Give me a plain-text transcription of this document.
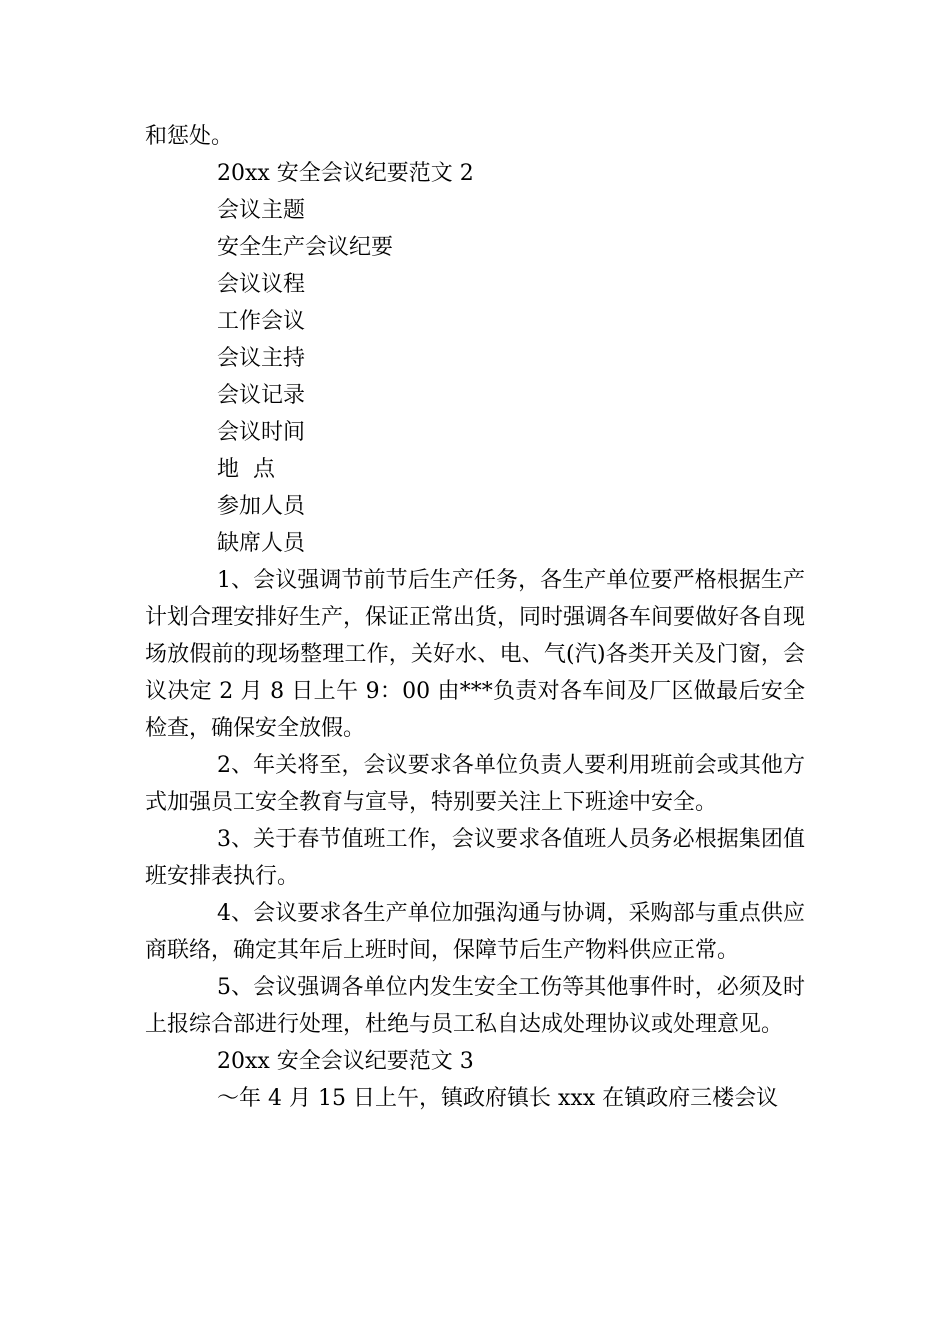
和惩处。

20xx 安全会议纪要范文 2

会议主题

安全生产会议纪要

会议议程

工作会议

会议主持

会议记录

会议时间

地  点

参加人员

缺席人员

1、会议强调节前节后生产任务，各生产单位要严格根据生产计划合理安排好生产，保证正常出货，同时强调各车间要做好各自现场放假前的现场整理工作，关好水、电、气(汽)各类开关及门窗，会议决定 2 月 8 日上午 9：00 由***负责对各车间及厂区做最后安全检查，确保安全放假。

2、年关将至，会议要求各单位负责人要利用班前会或其他方式加强员工安全教育与宣导，特别要关注上下班途中安全。

3、关于春节值班工作，会议要求各值班人员务必根据集团值班安排表执行。

4、会议要求各生产单位加强沟通与协调，采购部与重点供应商联络，确定其年后上班时间，保障节后生产物料供应正常。

5、会议强调各单位内发生安全工伤等其他事件时，必须及时上报综合部进行处理，杜绝与员工私自达成处理协议或处理意见。

20xx 安全会议纪要范文 3

～年 4 月 15 日上午，镇政府镇长 xxx 在镇政府三楼会议
